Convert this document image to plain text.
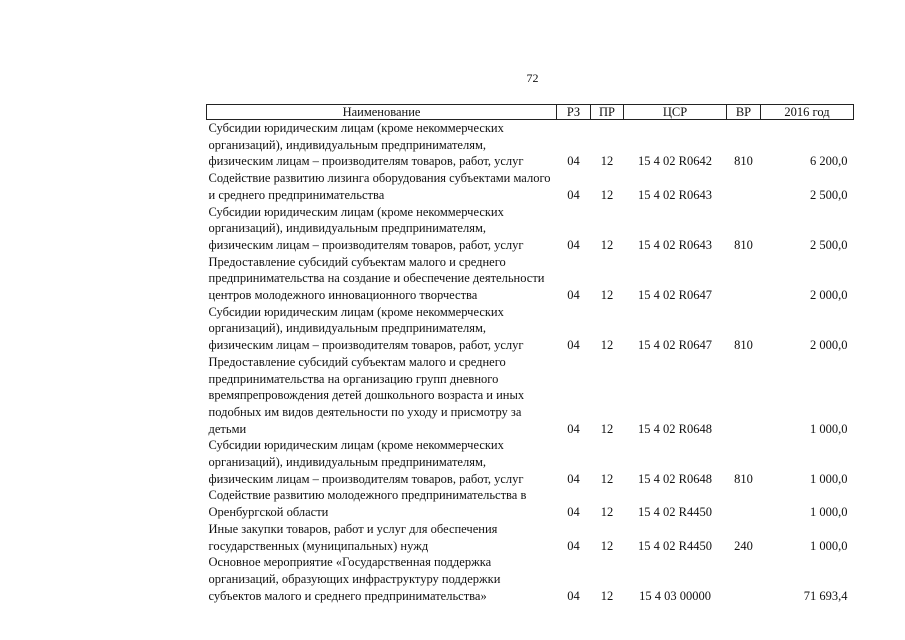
72
Наименование	РЗ	ПР	ЦСР	ВР	2016 год
Субсидии юридическим лицам (кроме некоммерческих организаций), индивидуальным предпринимателям, физическим лицам – производителям товаров, работ, услуг	04	12	15 4 02 R0642	810	6 200,0
Содействие развитию лизинга оборудования субъектами малого и среднего предпринимательства	04	12	15 4 02 R0643		2 500,0
Субсидии юридическим лицам (кроме некоммерческих организаций), индивидуальным предпринимателям, физическим лицам – производителям товаров, работ, услуг	04	12	15 4 02 R0643	810	2 500,0
Предоставление субсидий субъектам малого и среднего предпринимательства на создание и обеспечение деятельности центров молодежного инновационного творчества	04	12	15 4 02 R0647		2 000,0
Субсидии юридическим лицам (кроме некоммерческих организаций), индивидуальным предпринимателям, физическим лицам – производителям товаров, работ, услуг	04	12	15 4 02 R0647	810	2 000,0
Предоставление субсидий субъектам малого и среднего предпринимательства на организацию групп дневного времяпрепровождения детей дошкольного возраста и иных подобных им видов деятельности по уходу и присмотру за детьми	04	12	15 4 02 R0648		1 000,0
Субсидии юридическим лицам (кроме некоммерческих организаций), индивидуальным предпринимателям, физическим лицам – производителям товаров, работ, услуг	04	12	15 4 02 R0648	810	1 000,0
Содействие развитию молодежного предпринимательства в Оренбургской области	04	12	15 4 02 R4450		1 000,0
Иные закупки товаров, работ и услуг для обеспечения государственных (муниципальных) нужд	04	12	15 4 02 R4450	240	1 000,0
Основное мероприятие «Государственная поддержка организаций, образующих инфраструктуру поддержки субъектов малого и среднего предпринимательства»	04	12	15 4 03 00000		71 693,4
